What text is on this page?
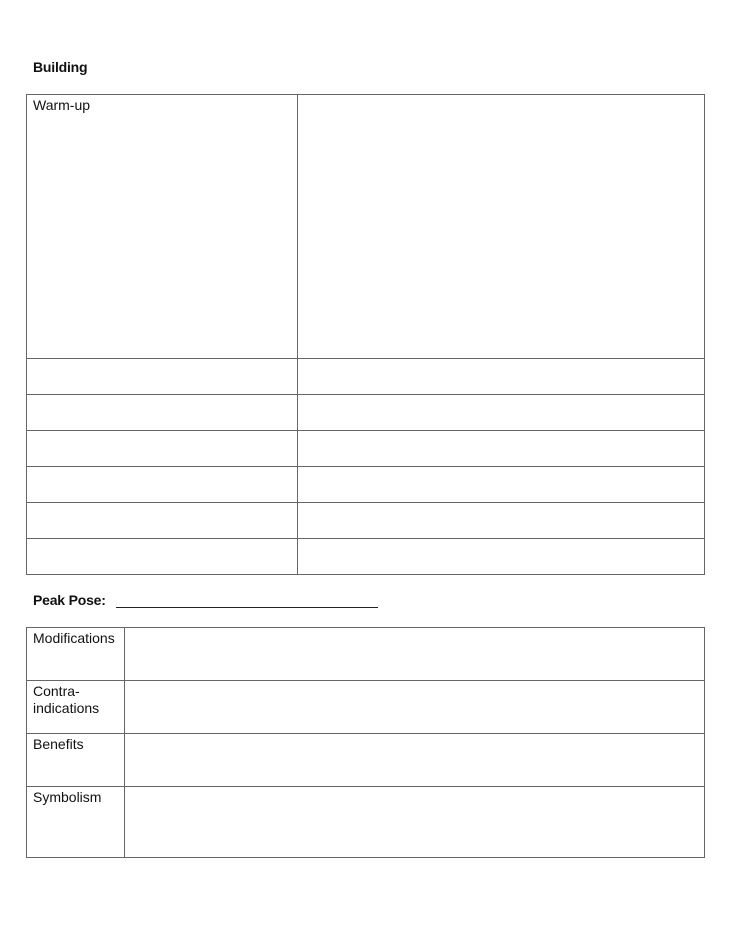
Building
Warm-up	

Peak Pose:
Modifications	

Contra-
indications	

Benefits	

Symbolism	
